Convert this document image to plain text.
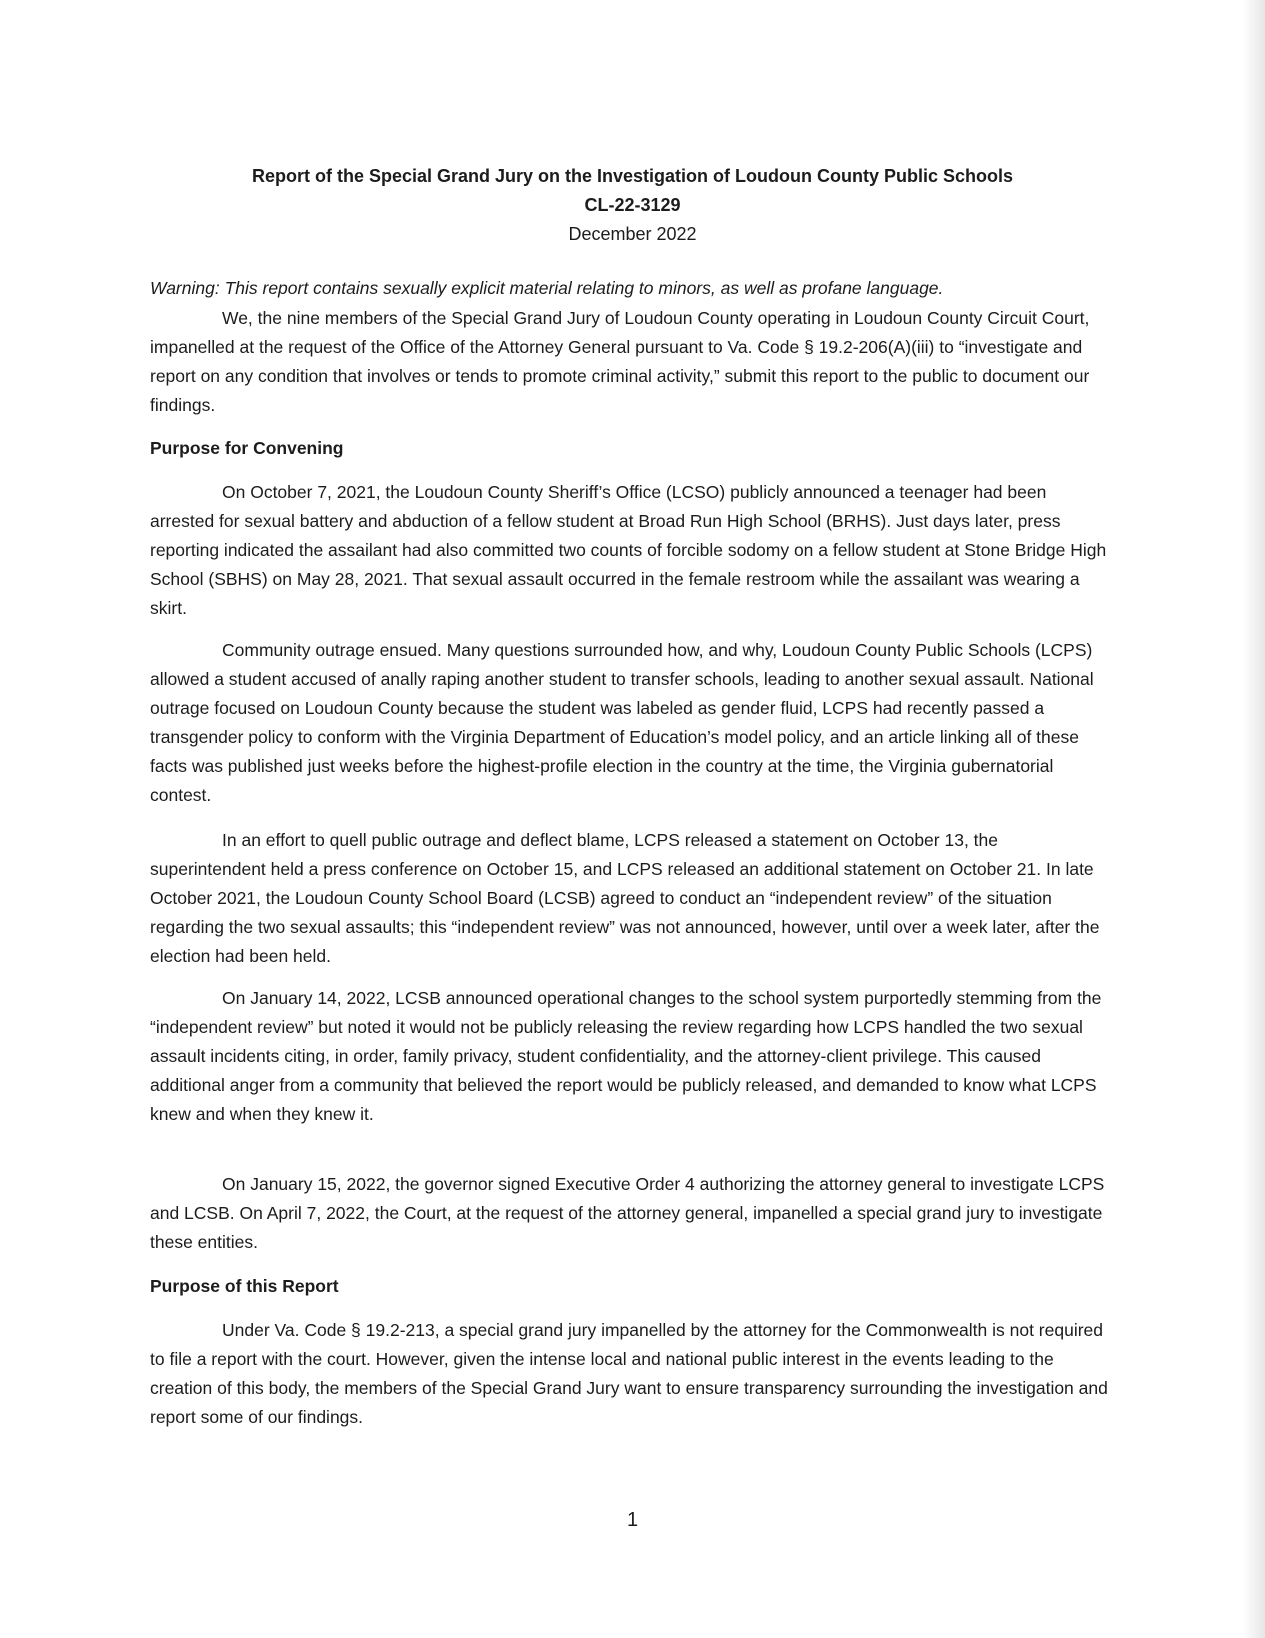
Report of the Special Grand Jury on the Investigation of Loudoun County Public Schools
CL-22-3129
December 2022
Warning: This report contains sexually explicit material relating to minors, as well as profane language.

We, the nine members of the Special Grand Jury of Loudoun County operating in Loudoun County Circuit Court, impanelled at the request of the Office of the Attorney General pursuant to Va. Code § 19.2-206(A)(iii) to “investigate and report on any condition that involves or tends to promote criminal activity,” submit this report to the public to document our findings.

Purpose for Convening

On October 7, 2021, the Loudoun County Sheriff’s Office (LCSO) publicly announced a teenager had been arrested for sexual battery and abduction of a fellow student at Broad Run High School (BRHS). Just days later, press reporting indicated the assailant had also committed two counts of forcible sodomy on a fellow student at Stone Bridge High School (SBHS) on May 28, 2021. That sexual assault occurred in the female restroom while the assailant was wearing a skirt.

Community outrage ensued. Many questions surrounded how, and why, Loudoun County Public Schools (LCPS) allowed a student accused of anally raping another student to transfer schools, leading to another sexual assault. National outrage focused on Loudoun County because the student was labeled as gender fluid, LCPS had recently passed a transgender policy to conform with the Virginia Department of Education’s model policy, and an article linking all of these facts was published just weeks before the highest-profile election in the country at the time, the Virginia gubernatorial contest.

In an effort to quell public outrage and deflect blame, LCPS released a statement on October 13, the superintendent held a press conference on October 15, and LCPS released an additional statement on October 21. In late October 2021, the Loudoun County School Board (LCSB) agreed to conduct an “independent review” of the situation regarding the two sexual assaults; this “independent review” was not announced, however, until over a week later, after the election had been held.

On January 14, 2022, LCSB announced operational changes to the school system purportedly stemming from the “independent review” but noted it would not be publicly releasing the review regarding how LCPS handled the two sexual assault incidents citing, in order, family privacy, student confidentiality, and the attorney-client privilege. This caused additional anger from a community that believed the report would be publicly released, and demanded to know what LCPS knew and when they knew it.

On January 15, 2022, the governor signed Executive Order 4 authorizing the attorney general to investigate LCPS and LCSB. On April 7, 2022, the Court, at the request of the attorney general, impanelled a special grand jury to investigate these entities.

Purpose of this Report

Under Va. Code § 19.2-213, a special grand jury impanelled by the attorney for the Commonwealth is not required to file a report with the court. However, given the intense local and national public interest in the events leading to the creation of this body, the members of the Special Grand Jury want to ensure transparency surrounding the investigation and report some of our findings.

1
